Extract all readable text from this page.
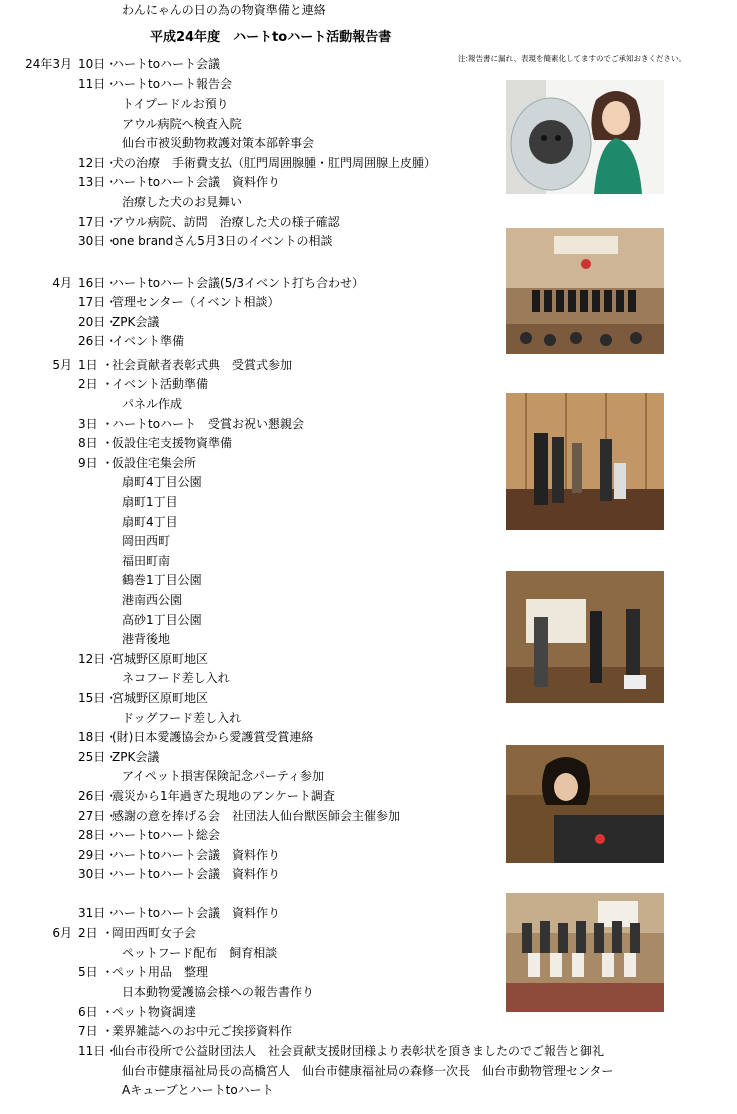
平成24年度　ハートtoハート活動報告書
注:報告書に漏れ、表現を簡素化してますのでご承知おきください。
24年3月 10日・
ハートtoハート会議
11日・
ハートtoハート報告会
トイプードルお預り
アウル病院へ検査入院
仙台市被災動物救護対策本部幹事会
12日・
犬の治療　手術費支払（肛門周囲腺腫・肛門周囲腺上皮腫）
13日・
ハートtoハート会議　資料作り
治療した犬のお見舞い
17日・
アウル病院、訪問　治療した犬の様子確認
30日・
one brandさん5月3日のイベントの相談
4月 16日・
ハートtoハート会議(5/3イベント打ち合わせ）
17日・
管理センター（イベント相談）
20日・
ZPK会議
26日・
イベント準備
5月 1日 ・
社会貢献者表彰式典　受賞式参加
2日 ・
イベント活動準備
パネル作成
3日 ・
ハートtoハート　受賞お祝い懇親会
8日 ・
仮設住宅支援物資準備
9日 ・
仮設住宅集会所
扇町4丁目公園
扇町1丁目
扇町4丁目
岡田西町
福田町南
鶴巻1丁目公園
港南西公園
高砂1丁目公園
港背後地
12日・
宮城野区原町地区
ネコフード差し入れ
15日・
宮城野区原町地区
ドッグフード差し入れ
18日・
(財)日本愛護協会から愛護賞受賞連絡
25日・
ZPK会議
アイペット損害保険記念パーティ参加
26日・
震災から1年過ぎた現地のアンケート調査
27日・
感謝の意を捧げる会　社団法人仙台獣医師会主催参加
28日・
ハートtoハート総会
29日・
ハートtoハート会議　資料作り
30日・
ハートtoハート会議　資料作り
31日・
ハートtoハート会議　資料作り
6月 2日 ・
岡田西町女子会
ペットフード配布　飼育相談
5日 ・
ペット用品　整理
日本動物愛護協会様への報告書作り
6日 ・
ペット物資調達
7日 ・
業界雑誌へのお中元ご挨拶資料作
11日・
仙台市役所で公益財団法人　社会貢献支援財団様より表彰状を頂きましたのでご報告と御礼
仙台市健康福祉局長の高橋宮人　仙台市健康福祉局の森修一次長　仙台市動物管理センター
Aキューブとハートtoハート
わんにゃんの日の為の物資準備と連絡
